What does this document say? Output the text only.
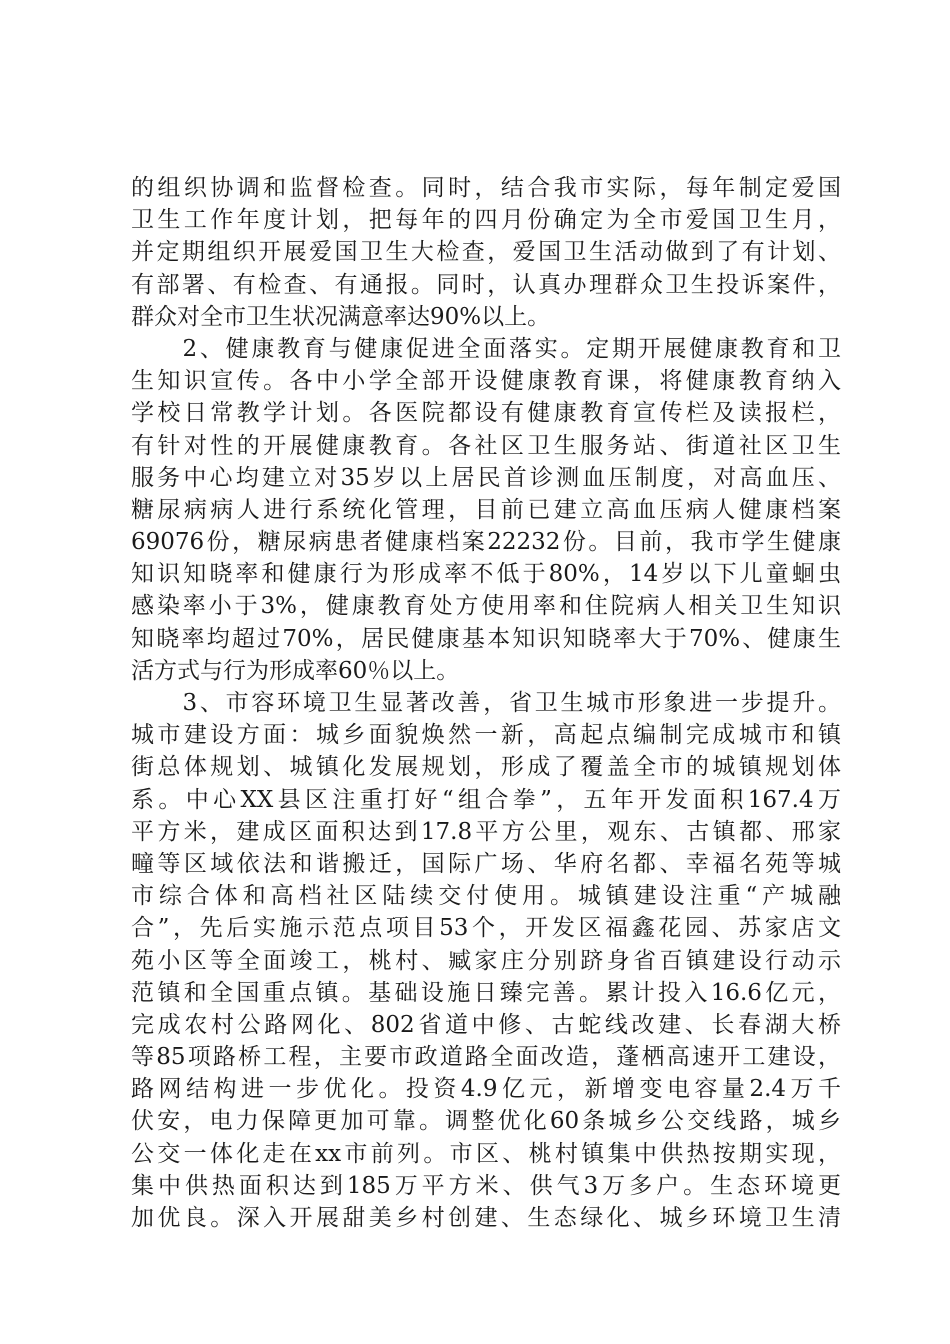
的组织协调和监督检查。同时，结合我市实际，每年制定爱国
卫生工作年度计划，把每年的四月份确定为全市爱国卫生月，
并定期组织开展爱国卫生大检查，爱国卫生活动做到了有计划、
有部署、有检查、有通报。同时，认真办理群众卫生投诉案件，
群众对全市卫生状况满意率达90%以上。
　　2、健康教育与健康促进全面落实。定期开展健康教育和卫
生知识宣传。各中小学全部开设健康教育课，将健康教育纳入
学校日常教学计划。各医院都设有健康教育宣传栏及读报栏，
有针对性的开展健康教育。各社区卫生服务站、街道社区卫生
服务中心均建立对35岁以上居民首诊测血压制度，对高血压、
糖尿病病人进行系统化管理，目前已建立高血压病人健康档案
69076份，糖尿病患者健康档案22232份。目前，我市学生健康
知识知晓率和健康行为形成率不低于80%，14岁以下儿童蛔虫
感染率小于3%，健康教育处方使用率和住院病人相关卫生知识
知晓率均超过70%，居民健康基本知识知晓率大于70%、健康生
活方式与行为形成率60％以上。
　　3、市容环境卫生显著改善，省卫生城市形象进一步提升。
城市建设方面：城乡面貌焕然一新，高起点编制完成城市和镇
街总体规划、城镇化发展规划，形成了覆盖全市的城镇规划体
系。中心XX县区注重打好“组合拳”，五年开发面积167.4万
平方米，建成区面积达到17.8平方公里，观东、古镇都、邢家
疃等区域依法和谐搬迁，国际广场、华府名都、幸福名苑等城
市综合体和高档社区陆续交付使用。城镇建设注重“产城融
合”，先后实施示范点项目53个，开发区福鑫花园、苏家店文
苑小区等全面竣工，桃村、臧家庄分别跻身省百镇建设行动示
范镇和全国重点镇。基础设施日臻完善。累计投入16.6亿元，
完成农村公路网化、802省道中修、古蛇线改建、长春湖大桥
等85项路桥工程，主要市政道路全面改造，蓬栖高速开工建设，
路网结构进一步优化。投资4.9亿元，新增变电容量2.4万千
伏安，电力保障更加可靠。调整优化60条城乡公交线路，城乡
公交一体化走在xx市前列。市区、桃村镇集中供热按期实现，
集中供热面积达到185万平方米、供气3万多户。生态环境更
加优良。深入开展甜美乡村创建、生态绿化、城乡环境卫生清
